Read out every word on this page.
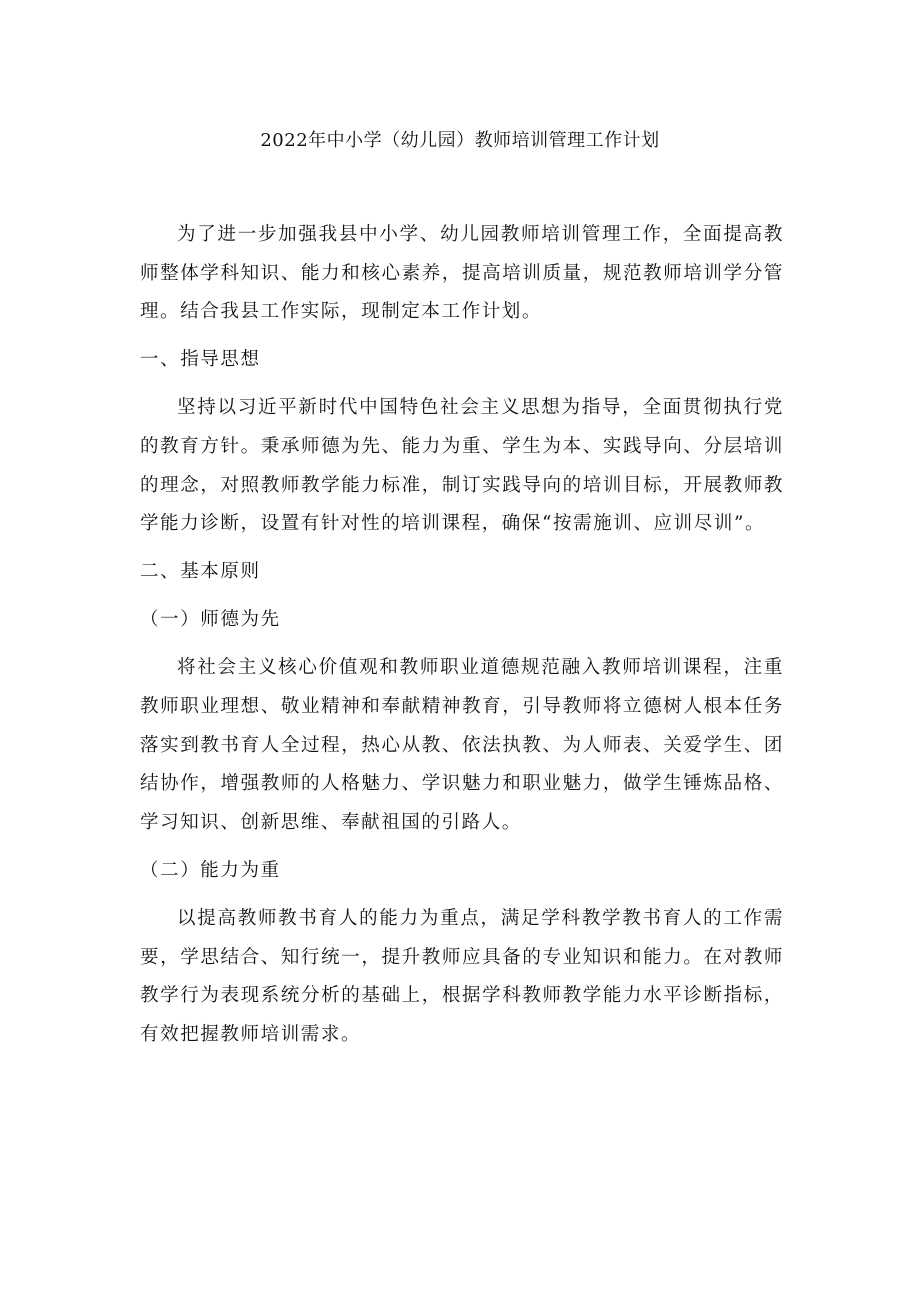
2022年中小学（幼儿园）教师培训管理工作计划

为了进一步加强我县中小学、幼儿园教师培训管理工作，全面提高教师整体学科知识、能力和核心素养，提高培训质量，规范教师培训学分管理。结合我县工作实际，现制定本工作计划。

一、指导思想

坚持以习近平新时代中国特色社会主义思想为指导，全面贯彻执行党的教育方针。秉承师德为先、能力为重、学生为本、实践导向、分层培训的理念，对照教师教学能力标准，制订实践导向的培训目标，开展教师教学能力诊断，设置有针对性的培训课程，确保“按需施训、应训尽训”。

二、基本原则

（一）师德为先

将社会主义核心价值观和教师职业道德规范融入教师培训课程，注重教师职业理想、敬业精神和奉献精神教育，引导教师将立德树人根本任务落实到教书育人全过程，热心从教、依法执教、为人师表、关爱学生、团结协作，增强教师的人格魅力、学识魅力和职业魅力，做学生锤炼品格、学习知识、创新思维、奉献祖国的引路人。

（二）能力为重

以提高教师教书育人的能力为重点，满足学科教学教书育人的工作需要，学思结合、知行统一，提升教师应具备的专业知识和能力。在对教师教学行为表现系统分析的基础上，根据学科教师教学能力水平诊断指标，有效把握教师培训需求。
